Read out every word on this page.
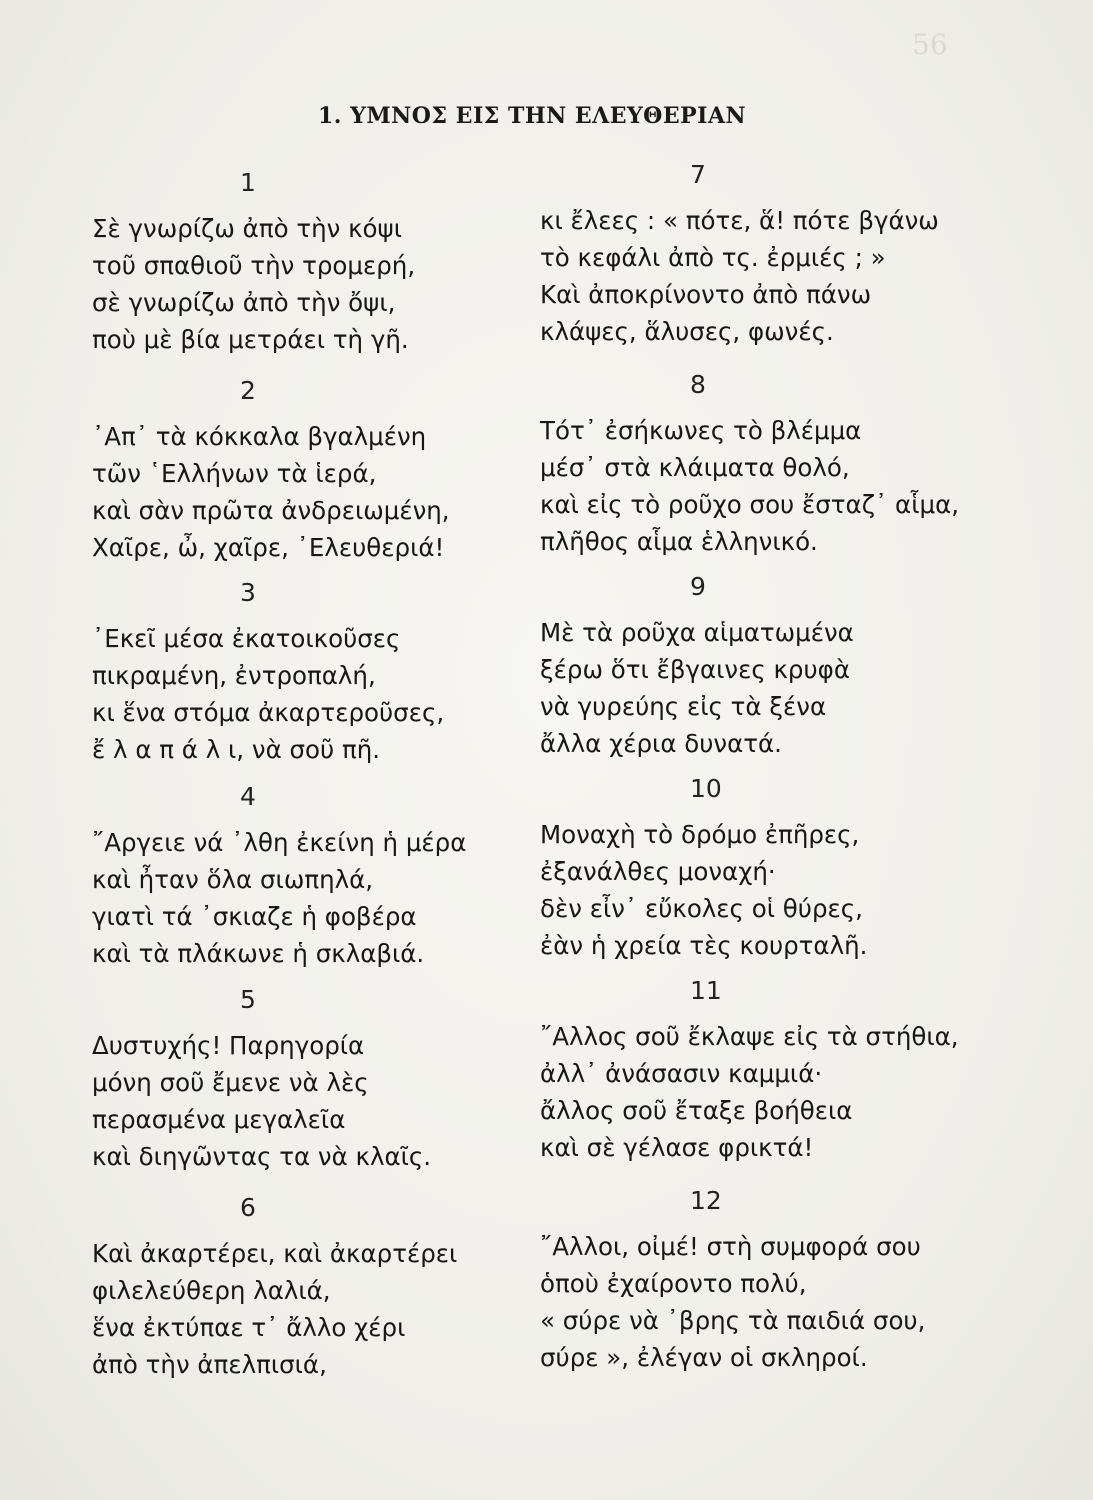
56
1. ΥΜΝΟΣ ΕΙΣ ΤΗΝ ΕΛΕΥΘΕΡΙΑΝ
1
Σὲ γνωρίζω ἀπὸ τὴν κόψι
τοῦ σπαθιοῦ τὴν τρομερή,
σὲ γνωρίζω ἀπὸ τὴν ὄψι,
ποὺ μὲ βία μετράει τὴ γῆ.
2
᾿Απ᾿ τὰ κόκκαλα βγαλμένη
τῶν ῾Ελλήνων τὰ ἱερά,
καὶ σὰν πρῶτα ἀνδρειωμένη,
Χαῖρε, ὦ, χαῖρε, ᾿Ελευθεριά!
3
᾿Εκεῖ μέσα ἐκατοικοῦσες
πικραμένη, ἐντροπαλή,
κι ἕνα στόμα ἀκαρτεροῦσες,
ἔ λ α π ά λ ι, νὰ σοῦ πῆ.
4
῎Αργειε νά ᾿λθη ἐκείνη ἡ μέρα
καὶ ἦταν ὅλα σιωπηλά,
γιατὶ τά ᾿σκιαζε ἡ φοβέρα
καὶ τὰ πλάκωνε ἡ σκλαβιά.
5
Δυστυχής! Παρηγορία
μόνη σοῦ ἔμενε νὰ λὲς
περασμένα μεγαλεῖα
καὶ διηγῶντας τα νὰ κλαῖς.
6
Καὶ ἀκαρτέρει, καὶ ἀκαρτέρει
φιλελεύθερη λαλιά,
ἕνα ἐκτύπαε τ᾿ ἄλλο χέρι
ἀπὸ τὴν ἀπελπισιά,
7
κι ἔλεες : « πότε, ἅ! πότε βγάνω
τὸ κεφάλι ἀπὸ τς. ἐρμιές ; »
Καὶ ἀποκρίνοντο ἀπὸ πάνω
κλάψες, ἅλυσες, φωνές.
8
Τότ᾿ ἐσήκωνες τὸ βλέμμα
μέσ᾿ στὰ κλάιματα θολό,
καὶ εἰς τὸ ροῦχο σου ἔσταζ᾿ αἷμα,
πλῆθος αἷμα ἑλληνικό.
9
Μὲ τὰ ροῦχα αἱματωμένα
ξέρω ὅτι ἔβγαινες κρυφὰ
νὰ γυρεύης εἰς τὰ ξένα
ἄλλα χέρια δυνατά.
10
Μοναχὴ τὸ δρόμο ἐπῆρες,
ἐξανάλθες μοναχή·
δὲν εἶν᾿ εὔκολες οἱ θύρες,
ἐὰν ἡ χρεία τὲς κουρταλῆ.
11
῎Αλλος σοῦ ἔκλαψε εἰς τὰ στήθια,
ἀλλ᾿ ἀνάσασιν καμμιά·
ἄλλος σοῦ ἔταξε βοήθεια
καὶ σὲ γέλασε φρικτά!
12
῎Αλλοι, οἰμέ! στὴ συμφορά σου
ὁποὺ ἐχαίροντο πολύ,
« σύρε νὰ ᾿βρης τὰ παιδιά σου,
σύρε », ἐλέγαν οἱ σκληροί.
